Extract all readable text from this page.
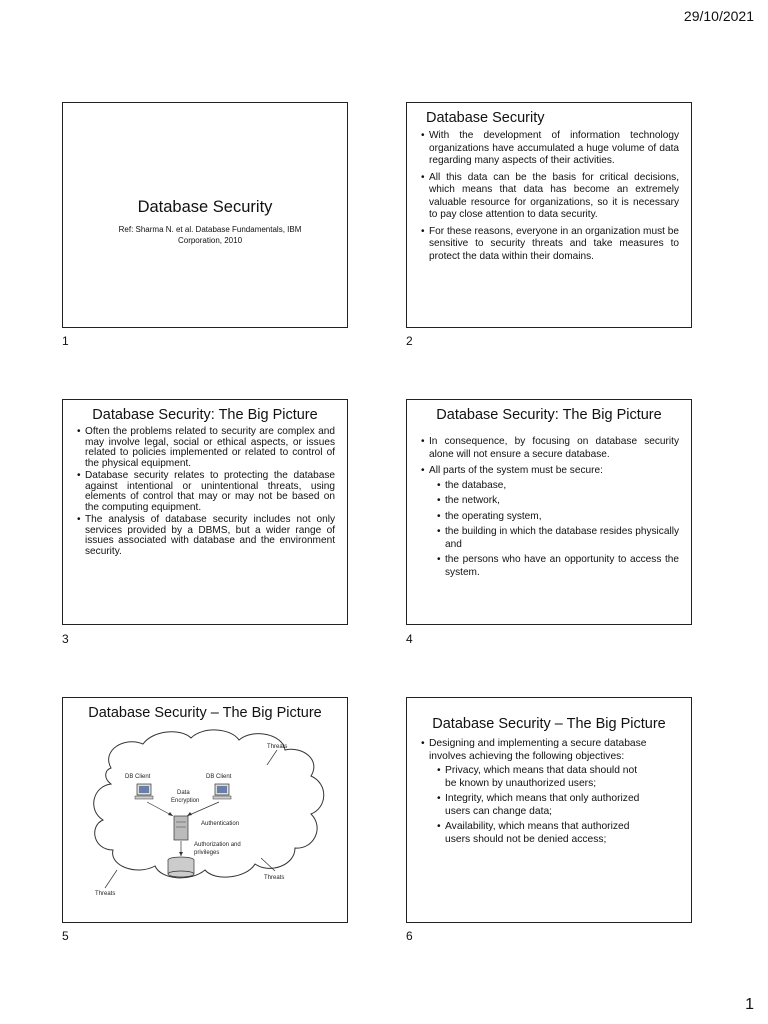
29/10/2021
Database Security
Ref: Sharma N. et al. Database Fundamentals, IBM Corporation, 2010
1
Database Security
• With the development of information technology organizations have accumulated a huge volume of data regarding many aspects of their activities.
• All this data can be the basis for critical decisions, which means that data has become an extremely valuable resource for organizations, so it is necessary to pay close attention to data security.
• For these reasons, everyone in an organization must be sensitive to security threats and take measures to protect the data within their domains.
2
Database Security: The Big Picture
• Often the problems related to security are complex and may involve legal, social or ethical aspects, or issues related to policies implemented or related to control of the physical equipment.
• Database security relates to protecting the database against intentional or unintentional threats, using elements of control that may or may not be based on the computing equipment.
• The analysis of database security includes not only services provided by a DBMS, but a wider range of issues associated with database and the environment security.
3
Database Security: The Big Picture
• In consequence, by focusing on database security alone will not ensure a secure database.
• All parts of the system must be secure:
• the database,
• the network,
• the operating system,
• the building in which the database resides physically and
• the persons who have an opportunity to access the system.
4
Database Security – The Big Picture
Threats
Threats
Threats
DB Client	DB Client
Data
Encryption
Authentication
Authorization and
privileges
5
Database Security – The Big Picture
• Designing and implementing a secure database involves achieving the following objectives:
• Privacy, which means that data should not be known by unauthorized users;
• Integrity, which means that only authorized users can change data;
• Availability, which means that authorized users should not be denied access;
6
1
